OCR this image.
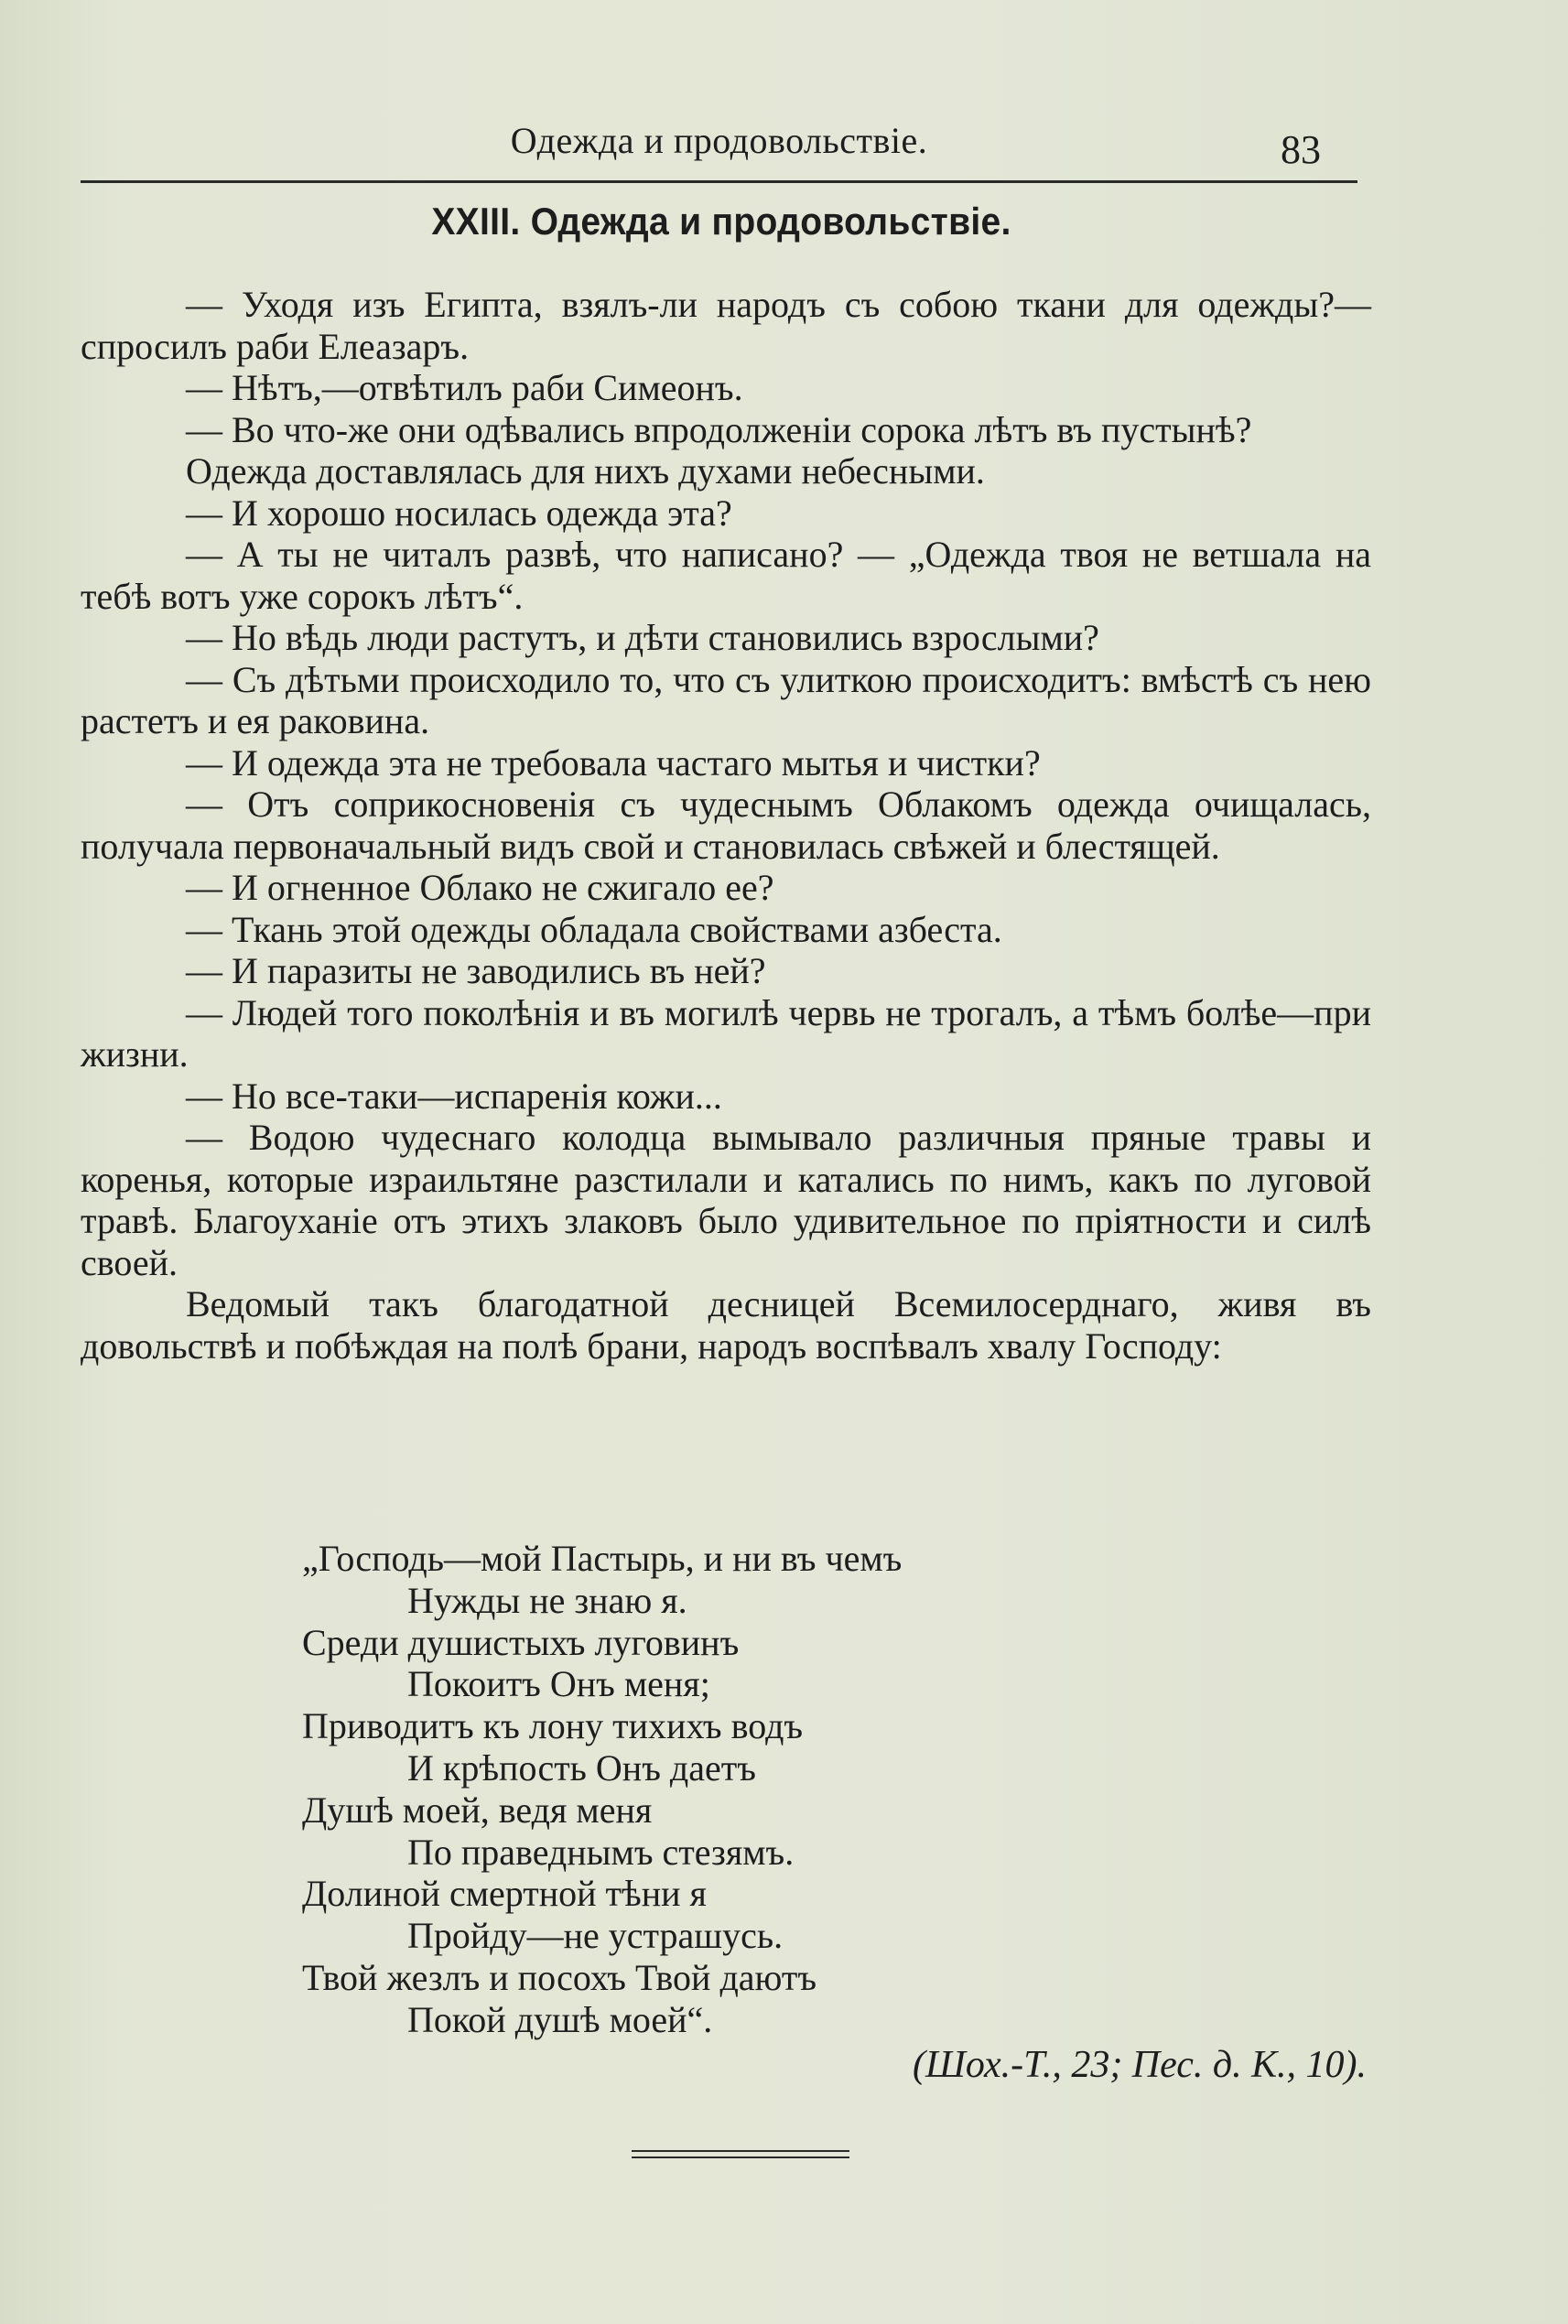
Одежда и продовольствіе.	83
XXIII. Одежда и продовольствіе.

— Уходя изъ Египта, взялъ-ли народъ съ собою ткани для одежды?—спросилъ раби Елеазаръ.

— Нѣтъ,—отвѣтилъ раби Симеонъ.

— Во что-же они одѣвались впродолженіи сорока лѣтъ въ пустынѣ?

Одежда доставлялась для нихъ духами небесными.

— И хорошо носилась одежда эта?

— А ты не читалъ развѣ, что написано? — „Одежда твоя не ветшала на тебѣ вотъ уже сорокъ лѣтъ“.

— Но вѣдь люди растутъ, и дѣти становились взрослыми?

— Съ дѣтьми происходило то, что съ улиткою происходитъ: вмѣстѣ съ нею растетъ и ея раковина.

— И одежда эта не требовала частаго мытья и чистки?

— Отъ соприкосновенія съ чудеснымъ Облакомъ одежда очищалась, получала первоначальный видъ свой и становилась свѣжей и блестящей.

— И огненное Облако не сжигало ее?

— Ткань этой одежды обладала свойствами азбеста.

— И паразиты не заводились въ ней?

— Людей того поколѣнія и въ могилѣ червь не трогалъ, а тѣмъ болѣе—при жизни.

— Но все-таки—испаренія кожи...

— Водою чудеснаго колодца вымывало различныя пряные травы и коренья, которые израильтяне разстилали и катались по нимъ, какъ по луговой травѣ. Благоуханіе отъ этихъ злаковъ было удивительное по пріятности и силѣ своей.

Ведомый такъ благодатной десницей Всемилосерднаго, живя въ довольствѣ и побѣждая на полѣ брани, народъ воспѣвалъ хвалу Господу:

„Господь—мой Пастырь, и ни въ чемъ
Нужды не знаю я.
Среди душистыхъ луговинъ
Покоитъ Онъ меня;
Приводитъ къ лону тихихъ водъ
И крѣпость Онъ даетъ
Душѣ моей, ведя меня
По праведнымъ стезямъ.
Долиной смертной тѣни я
Пройду—не устрашусь.
Твой жезлъ и посохъ Твой даютъ
Покой душѣ моей“.
(Шох.-Т., 23; Пес. д. К., 10).
